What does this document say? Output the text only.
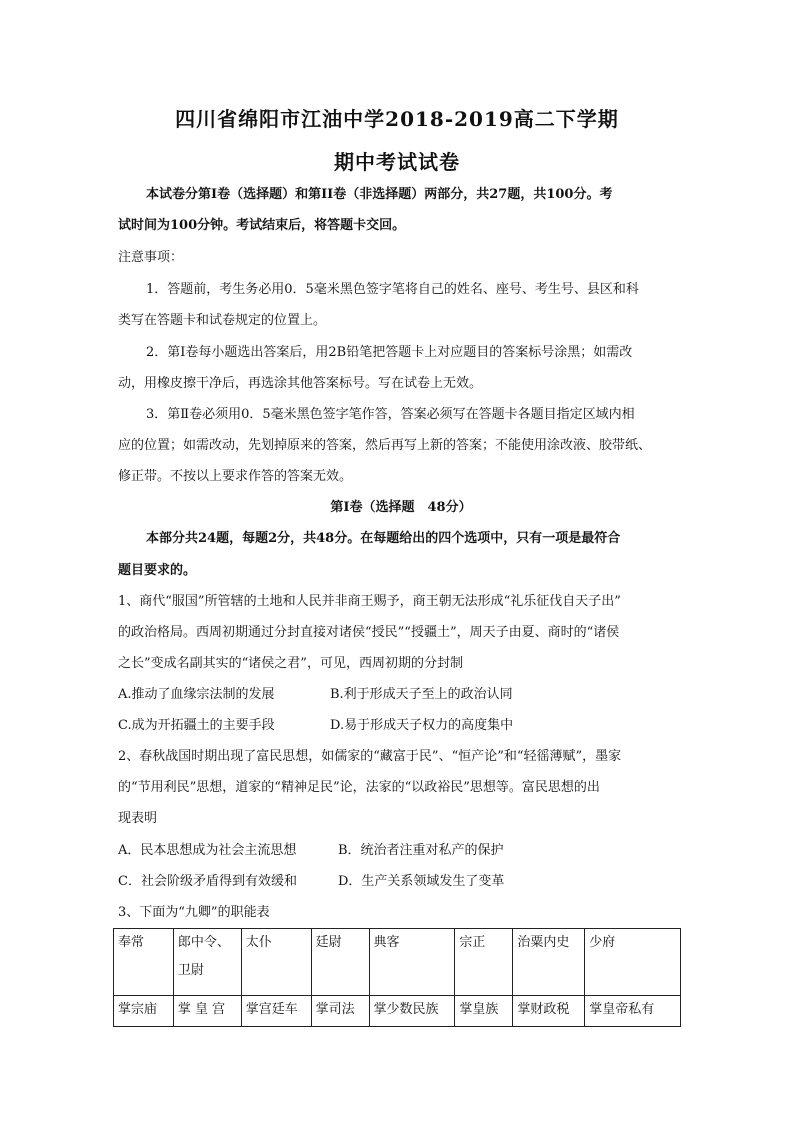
四川省绵阳市江油中学2018-2019高二下学期
期中考试试卷
本试卷分第Ⅰ卷（选择题）和第II卷（非选择题）两部分，共27题，共100分。考
试时间为100分钟。考试结束后，将答题卡交回。
注意事项：
1．答题前，考生务必用0．5毫米黑色签字笔将自己的姓名、座号、考生号、县区和科
类写在答题卡和试卷规定的位置上。
2．第Ⅰ卷每小题选出答案后，用2B铅笔把答题卡上对应题目的答案标号涂黑；如需改
动，用橡皮擦干净后，再选涂其他答案标号。写在试卷上无效。
3．第Ⅱ卷必须用0．5毫米黑色签字笔作答，答案必须写在答题卡各题目指定区域内相
应的位置；如需改动，先划掉原来的答案，然后再写上新的答案；不能使用涂改液、胶带纸、
修正带。不按以上要求作答的答案无效。
第Ⅰ卷（选择题　48分）
本部分共24题，每题2分，共48分。在每题给出的四个选项中，只有一项是最符合
题目要求的。
1、商代“服国”所管辖的土地和人民并非商王赐予，商王朝无法形成“礼乐征伐自天子出”
的政治格局。西周初期通过分封直接对诸侯“授民”“授疆土”，周天子由夏、商时的“诸侯
之长”变成名副其实的“诸侯之君”，可见，西周初期的分封制
A.推动了血缘宗法制的发展	B.利于形成天子至上的政治认同
C.成为开拓疆土的主要手段	D.易于形成天子权力的高度集中
2、春秋战国时期出现了富民思想，如儒家的“藏富于民”、“恒产论”和“轻徭薄赋”，墨家
的“节用利民”思想，道家的“精神足民”论，法家的“以政裕民”思想等。富民思想的出
现表明
A．民本思想成为社会主流思想	B．统治者注重对私产的保护
C．社会阶级矛盾得到有效缓和	D．生产关系领域发生了变革
3、下面为“九卿”的职能表
奉常	郎中令、卫尉	太仆	廷尉	典客	宗正	治粟内史	少府
掌宗庙	掌 皇 宫	掌宫廷车	掌司法	掌少数民族	掌皇族	掌财政税	掌皇帝私有
